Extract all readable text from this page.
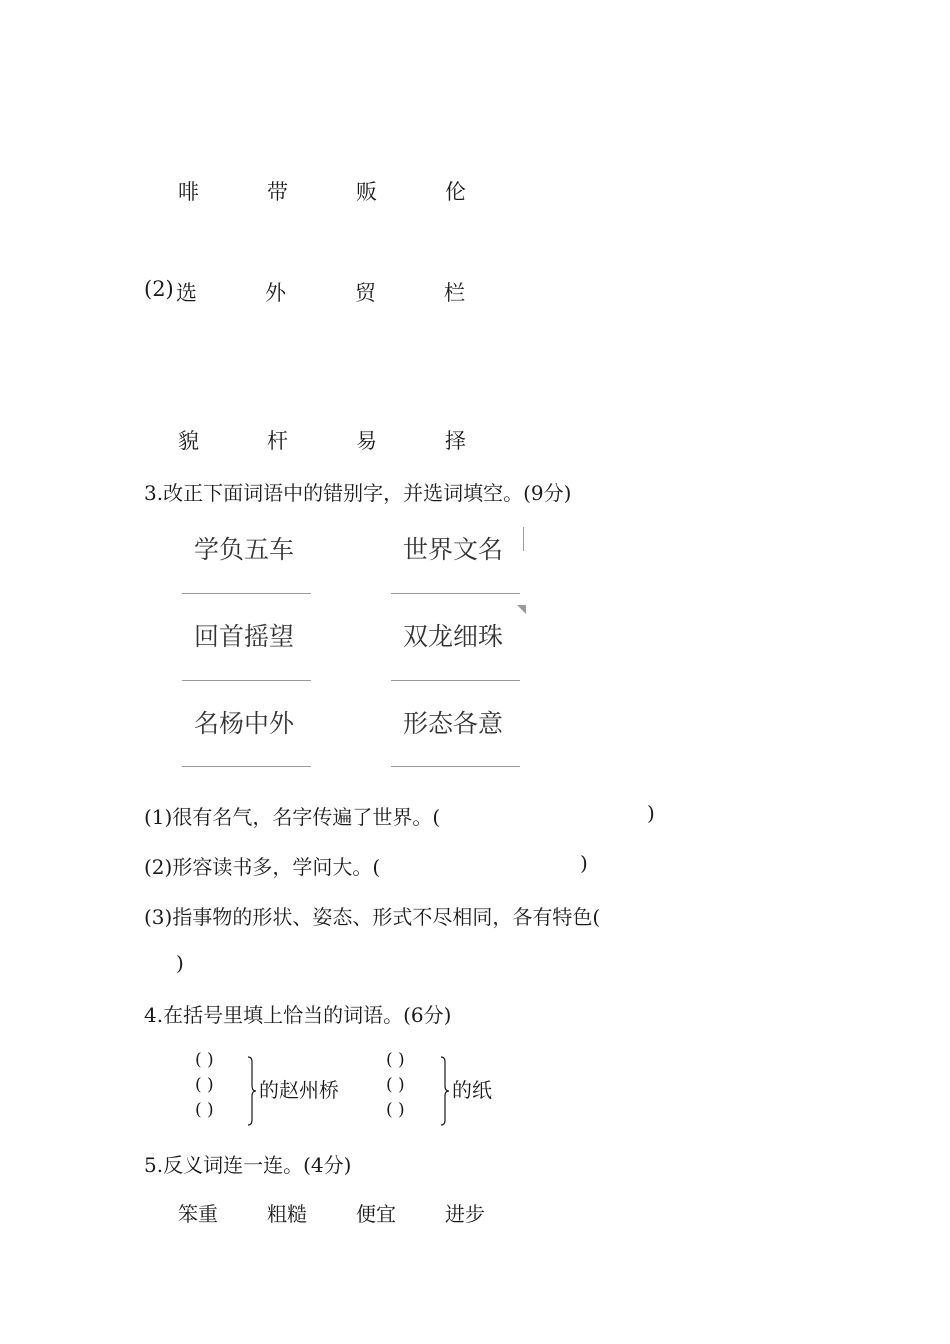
啡	带	贩	伦
(2) 选	外	贸	栏
貌	杆	易	择
3.改正下面词语中的错别字，并选词填空。(9分)
学负五车	世界文名
回首摇望	双龙细珠
名杨中外	形态各意
(1)很有名气，名字传遍了世界。(	)
(2)形容读书多，学问大。(	)
(3)指事物的形状、姿态、形式不尽相同，各有特色(
)
4.在括号里填上恰当的词语。(6分)
( )
( )
( )
的赵州桥
( )
( )
( )
的纸
5.反义词连一连。(4分)
笨重 粗糙 便宜 进步
